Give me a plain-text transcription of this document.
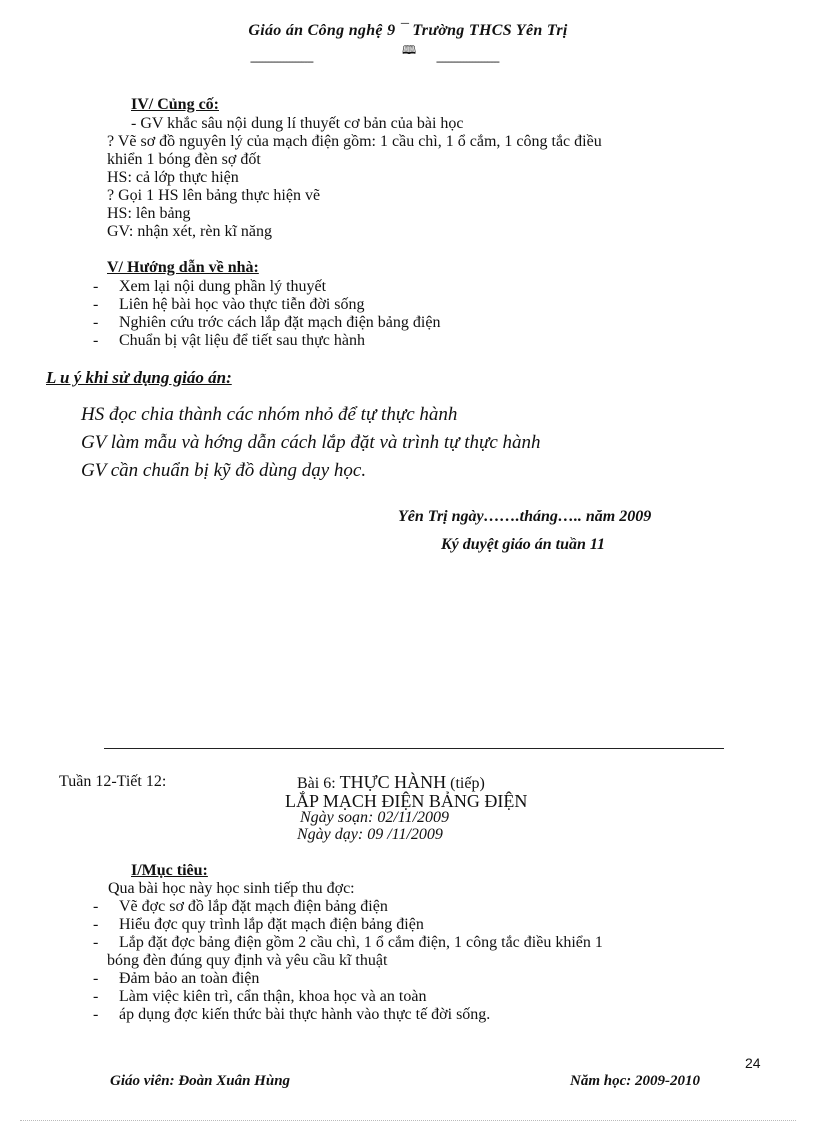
Giáo án Công nghệ 9 ¯ Trường THCS Yên Trị
🕮
---------------------	---------------------
IV/ Củng cố:
- GV khắc sâu nội dung lí thuyết cơ bản của bài học
? Vẽ sơ đồ nguyên lý của mạch điện gồm: 1 cầu chì, 1 ổ cắm, 1 công tắc điều
khiển 1 bóng đèn sợ đốt
HS: cả lớp thực hiện
? Gọi 1 HS lên bảng thực hiện vẽ
HS: lên bảng
GV: nhận xét, rèn kĩ năng
V/ Hướng dẫn về nhà:
- Xem lại nội dung phần lý thuyết
- Liên hệ bài học vào thực tiễn đời sống
- Nghiên cứu trớc cách lắp đặt mạch điện bảng điện
- Chuẩn bị vật liệu để tiết sau thực hành
L u ý khi sử dụng giáo án:
HS đọc chia thành các nhóm nhỏ để tự thực hành
GV làm mẫu và hớng dẫn cách lắp đặt và trình tự thực hành
GV cần chuẩn bị kỹ đồ dùng dạy học.
Yên Trị ngày…….tháng….. năm 2009
Ký duyệt giáo án tuần 11
Tuần 12-Tiết 12:	Bài 6: THỰC HÀNH (tiếp)
LẮP MẠCH ĐIỆN BẢNG ĐIỆN
Ngày soạn: 02/11/2009
Ngày dạy: 09 /11/2009
I/Mục tiêu:
Qua bài học này học sinh tiếp thu đợc:
- Vẽ đợc sơ đồ lắp đặt mạch điện bảng điện
- Hiểu đợc quy trình lắp đặt mạch điện bảng điện
- Lắp đặt đợc bảng điện gồm 2 cầu chì, 1 ổ cắm điện, 1 công tắc điều khiển 1
bóng đèn đúng quy định và yêu cầu kĩ thuật
- Đảm bảo an toàn điện
- Làm việc kiên trì, cẩn thận, khoa học và an toàn
- áp dụng đợc kiến thức bài thực hành vào thực tế đời sống.
24
Giáo viên: Đoàn Xuân Hùng	Năm học: 2009-2010
